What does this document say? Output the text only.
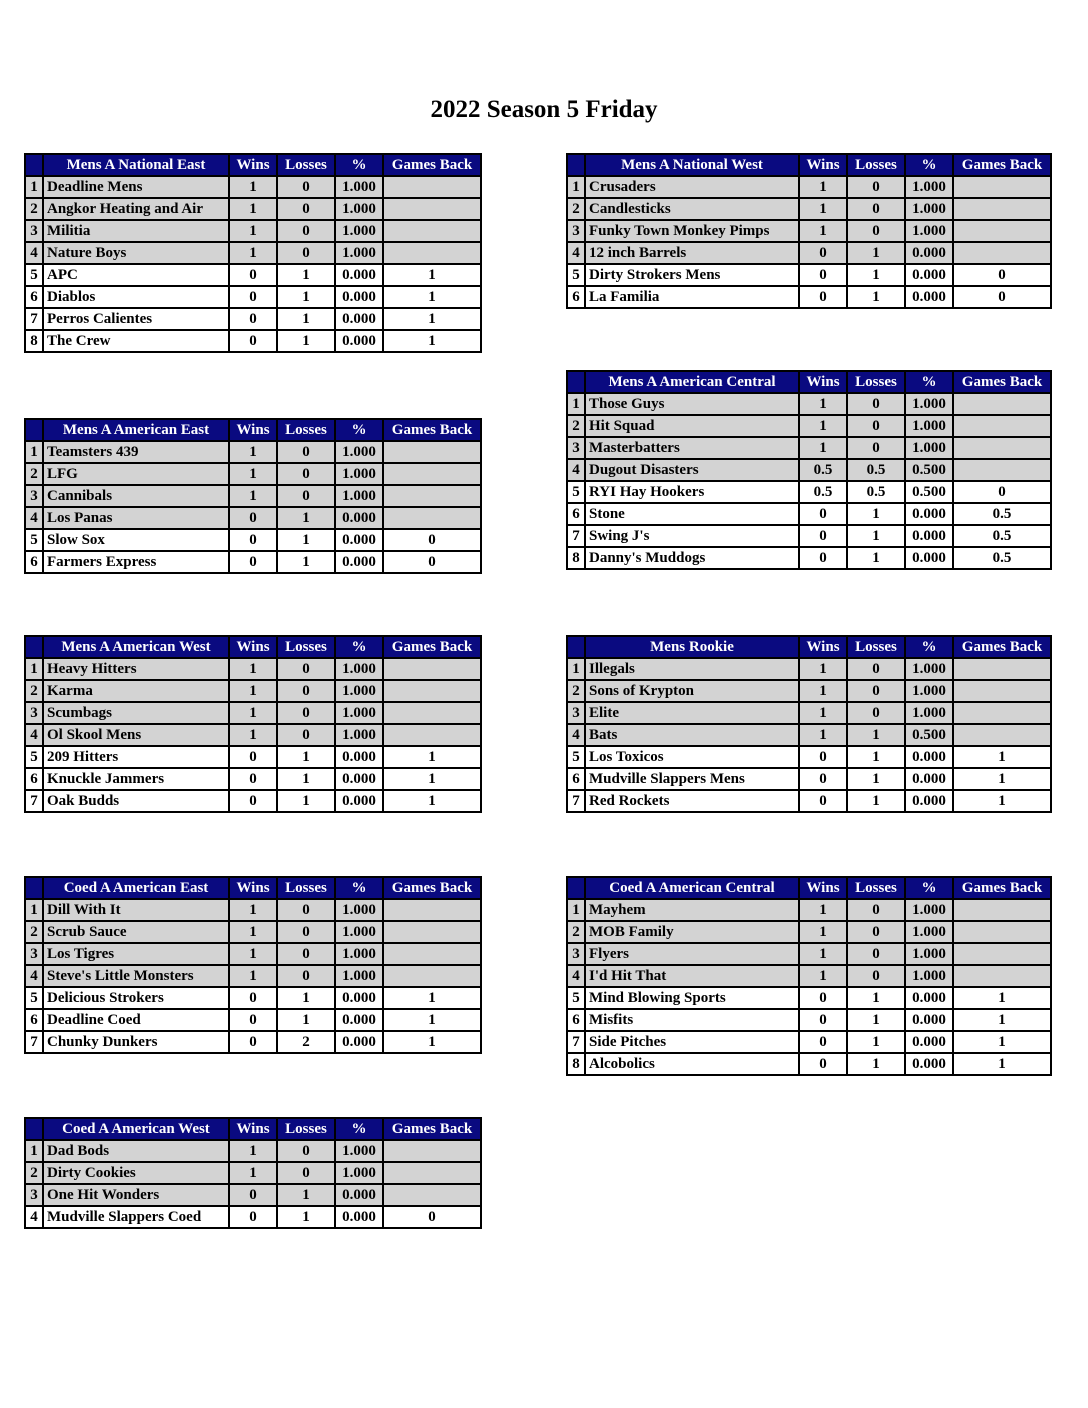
2022 Season 5 Friday
	Mens A National East	Wins	Losses	%	Games Back
1	Deadline Mens	1	0	1.000	
2	Angkor Heating and Air	1	0	1.000	
3	Militia	1	0	1.000	
4	Nature Boys	1	0	1.000	
5	APC	0	1	0.000	1
6	Diablos	0	1	0.000	1
7	Perros Calientes	0	1	0.000	1
8	The Crew	0	1	0.000	1
	Mens A National West	Wins	Losses	%	Games Back
1	Crusaders	1	0	1.000	
2	Candlesticks	1	0	1.000	
3	Funky Town Monkey Pimps	1	0	1.000	
4	12 inch Barrels	0	1	0.000	
5	Dirty Strokers Mens	0	1	0.000	0
6	La Familia	0	1	0.000	0
	Mens A American Central	Wins	Losses	%	Games Back
1	Those Guys	1	0	1.000	
2	Hit Squad	1	0	1.000	
3	Masterbatters	1	0	1.000	
4	Dugout Disasters	0.5	0.5	0.500	
5	RYI Hay Hookers	0.5	0.5	0.500	0
6	Stone	0	1	0.000	0.5
7	Swing J's	0	1	0.000	0.5
8	Danny's Muddogs	0	1	0.000	0.5
	Mens A American East	Wins	Losses	%	Games Back
1	Teamsters 439	1	0	1.000	
2	LFG	1	0	1.000	
3	Cannibals	1	0	1.000	
4	Los Panas	0	1	0.000	
5	Slow Sox	0	1	0.000	0
6	Farmers Express	0	1	0.000	0
	Mens A American West	Wins	Losses	%	Games Back
1	Heavy Hitters	1	0	1.000	
2	Karma	1	0	1.000	
3	Scumbags	1	0	1.000	
4	Ol Skool Mens	1	0	1.000	
5	209 Hitters	0	1	0.000	1
6	Knuckle Jammers	0	1	0.000	1
7	Oak Budds	0	1	0.000	1
	Mens Rookie	Wins	Losses	%	Games Back
1	Illegals	1	0	1.000	
2	Sons of Krypton	1	0	1.000	
3	Elite	1	0	1.000	
4	Bats	1	1	0.500	
5	Los Toxicos	0	1	0.000	1
6	Mudville Slappers Mens	0	1	0.000	1
7	Red Rockets	0	1	0.000	1
	Coed A American East	Wins	Losses	%	Games Back
1	Dill With It	1	0	1.000	
2	Scrub Sauce	1	0	1.000	
3	Los Tigres	1	0	1.000	
4	Steve's Little Monsters	1	0	1.000	
5	Delicious Strokers	0	1	0.000	1
6	Deadline Coed	0	1	0.000	1
7	Chunky Dunkers	0	2	0.000	1
	Coed A American Central	Wins	Losses	%	Games Back
1	Mayhem	1	0	1.000	
2	MOB Family	1	0	1.000	
3	Flyers	1	0	1.000	
4	I'd Hit That	1	0	1.000	
5	Mind Blowing Sports	0	1	0.000	1
6	Misfits	0	1	0.000	1
7	Side Pitches	0	1	0.000	1
8	Alcobolics	0	1	0.000	1
	Coed A American West	Wins	Losses	%	Games Back
1	Dad Bods	1	0	1.000	
2	Dirty Cookies	1	0	1.000	
3	One Hit Wonders	0	1	0.000	
4	Mudville Slappers Coed	0	1	0.000	0
